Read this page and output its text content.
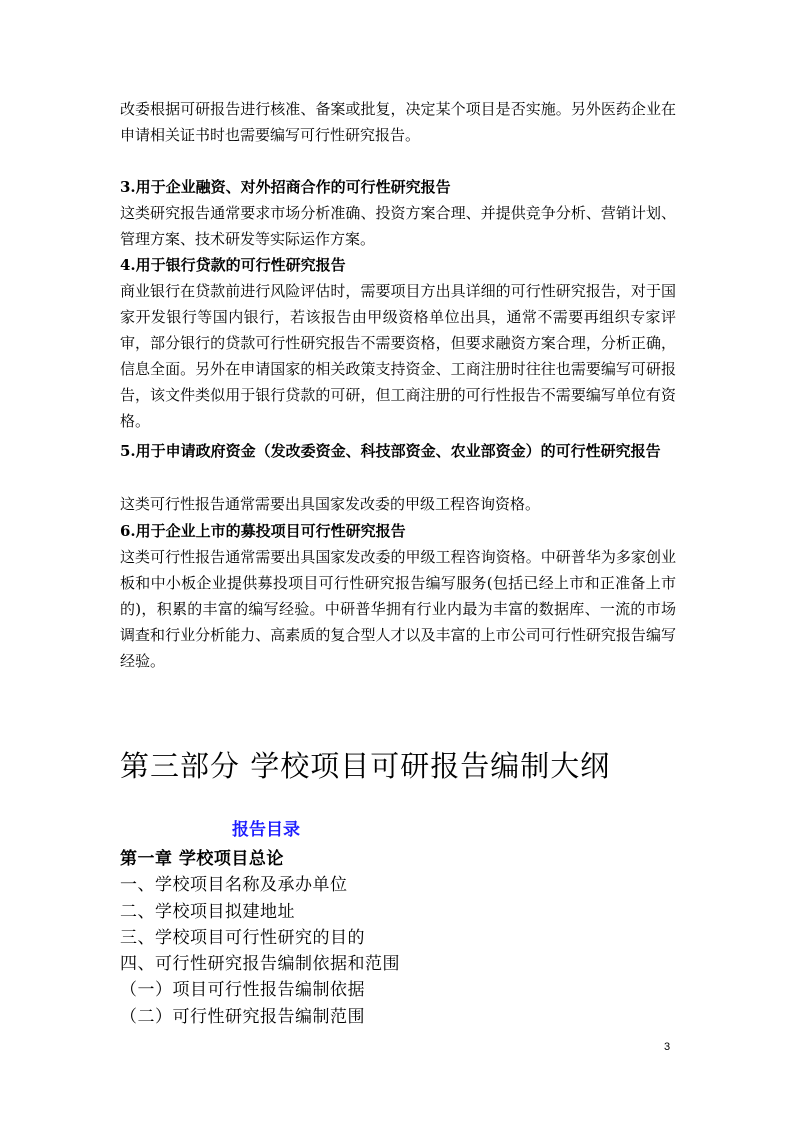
改委根据可研报告进行核准、备案或批复，决定某个项目是否实施。另外医药企业在申请相关证书时也需要编写可行性研究报告。

3.用于企业融资、对外招商合作的可行性研究报告

这类研究报告通常要求市场分析准确、投资方案合理、并提供竞争分析、营销计划、管理方案、技术研发等实际运作方案。

4.用于银行贷款的可行性研究报告

商业银行在贷款前进行风险评估时，需要项目方出具详细的可行性研究报告，对于国家开发银行等国内银行，若该报告由甲级资格单位出具，通常不需要再组织专家评审，部分银行的贷款可行性研究报告不需要资格，但要求融资方案合理，分析正确，信息全面。另外在申请国家的相关政策支持资金、工商注册时往往也需要编写可研报告，该文件类似用于银行贷款的可研，但工商注册的可行性报告不需要编写单位有资格。

5.用于申请政府资金（发改委资金、科技部资金、农业部资金）的可行性研究报告

这类可行性报告通常需要出具国家发改委的甲级工程咨询资格。

6.用于企业上市的募投项目可行性研究报告

这类可行性报告通常需要出具国家发改委的甲级工程咨询资格。中研普华为多家创业板和中小板企业提供募投项目可行性研究报告编写服务(包括已经上市和正准备上市的)，积累的丰富的编写经验。中研普华拥有行业内最为丰富的数据库、一流的市场调查和行业分析能力、高素质的复合型人才以及丰富的上市公司可行性研究报告编写经验。

第三部分 学校项目可研报告编制大纲

报告目录

第一章 学校项目总论

一、学校项目名称及承办单位

二、学校项目拟建地址

三、学校项目可行性研究的目的

四、可行性研究报告编制依据和范围

（一）项目可行性报告编制依据

（二）可行性研究报告编制范围

3
